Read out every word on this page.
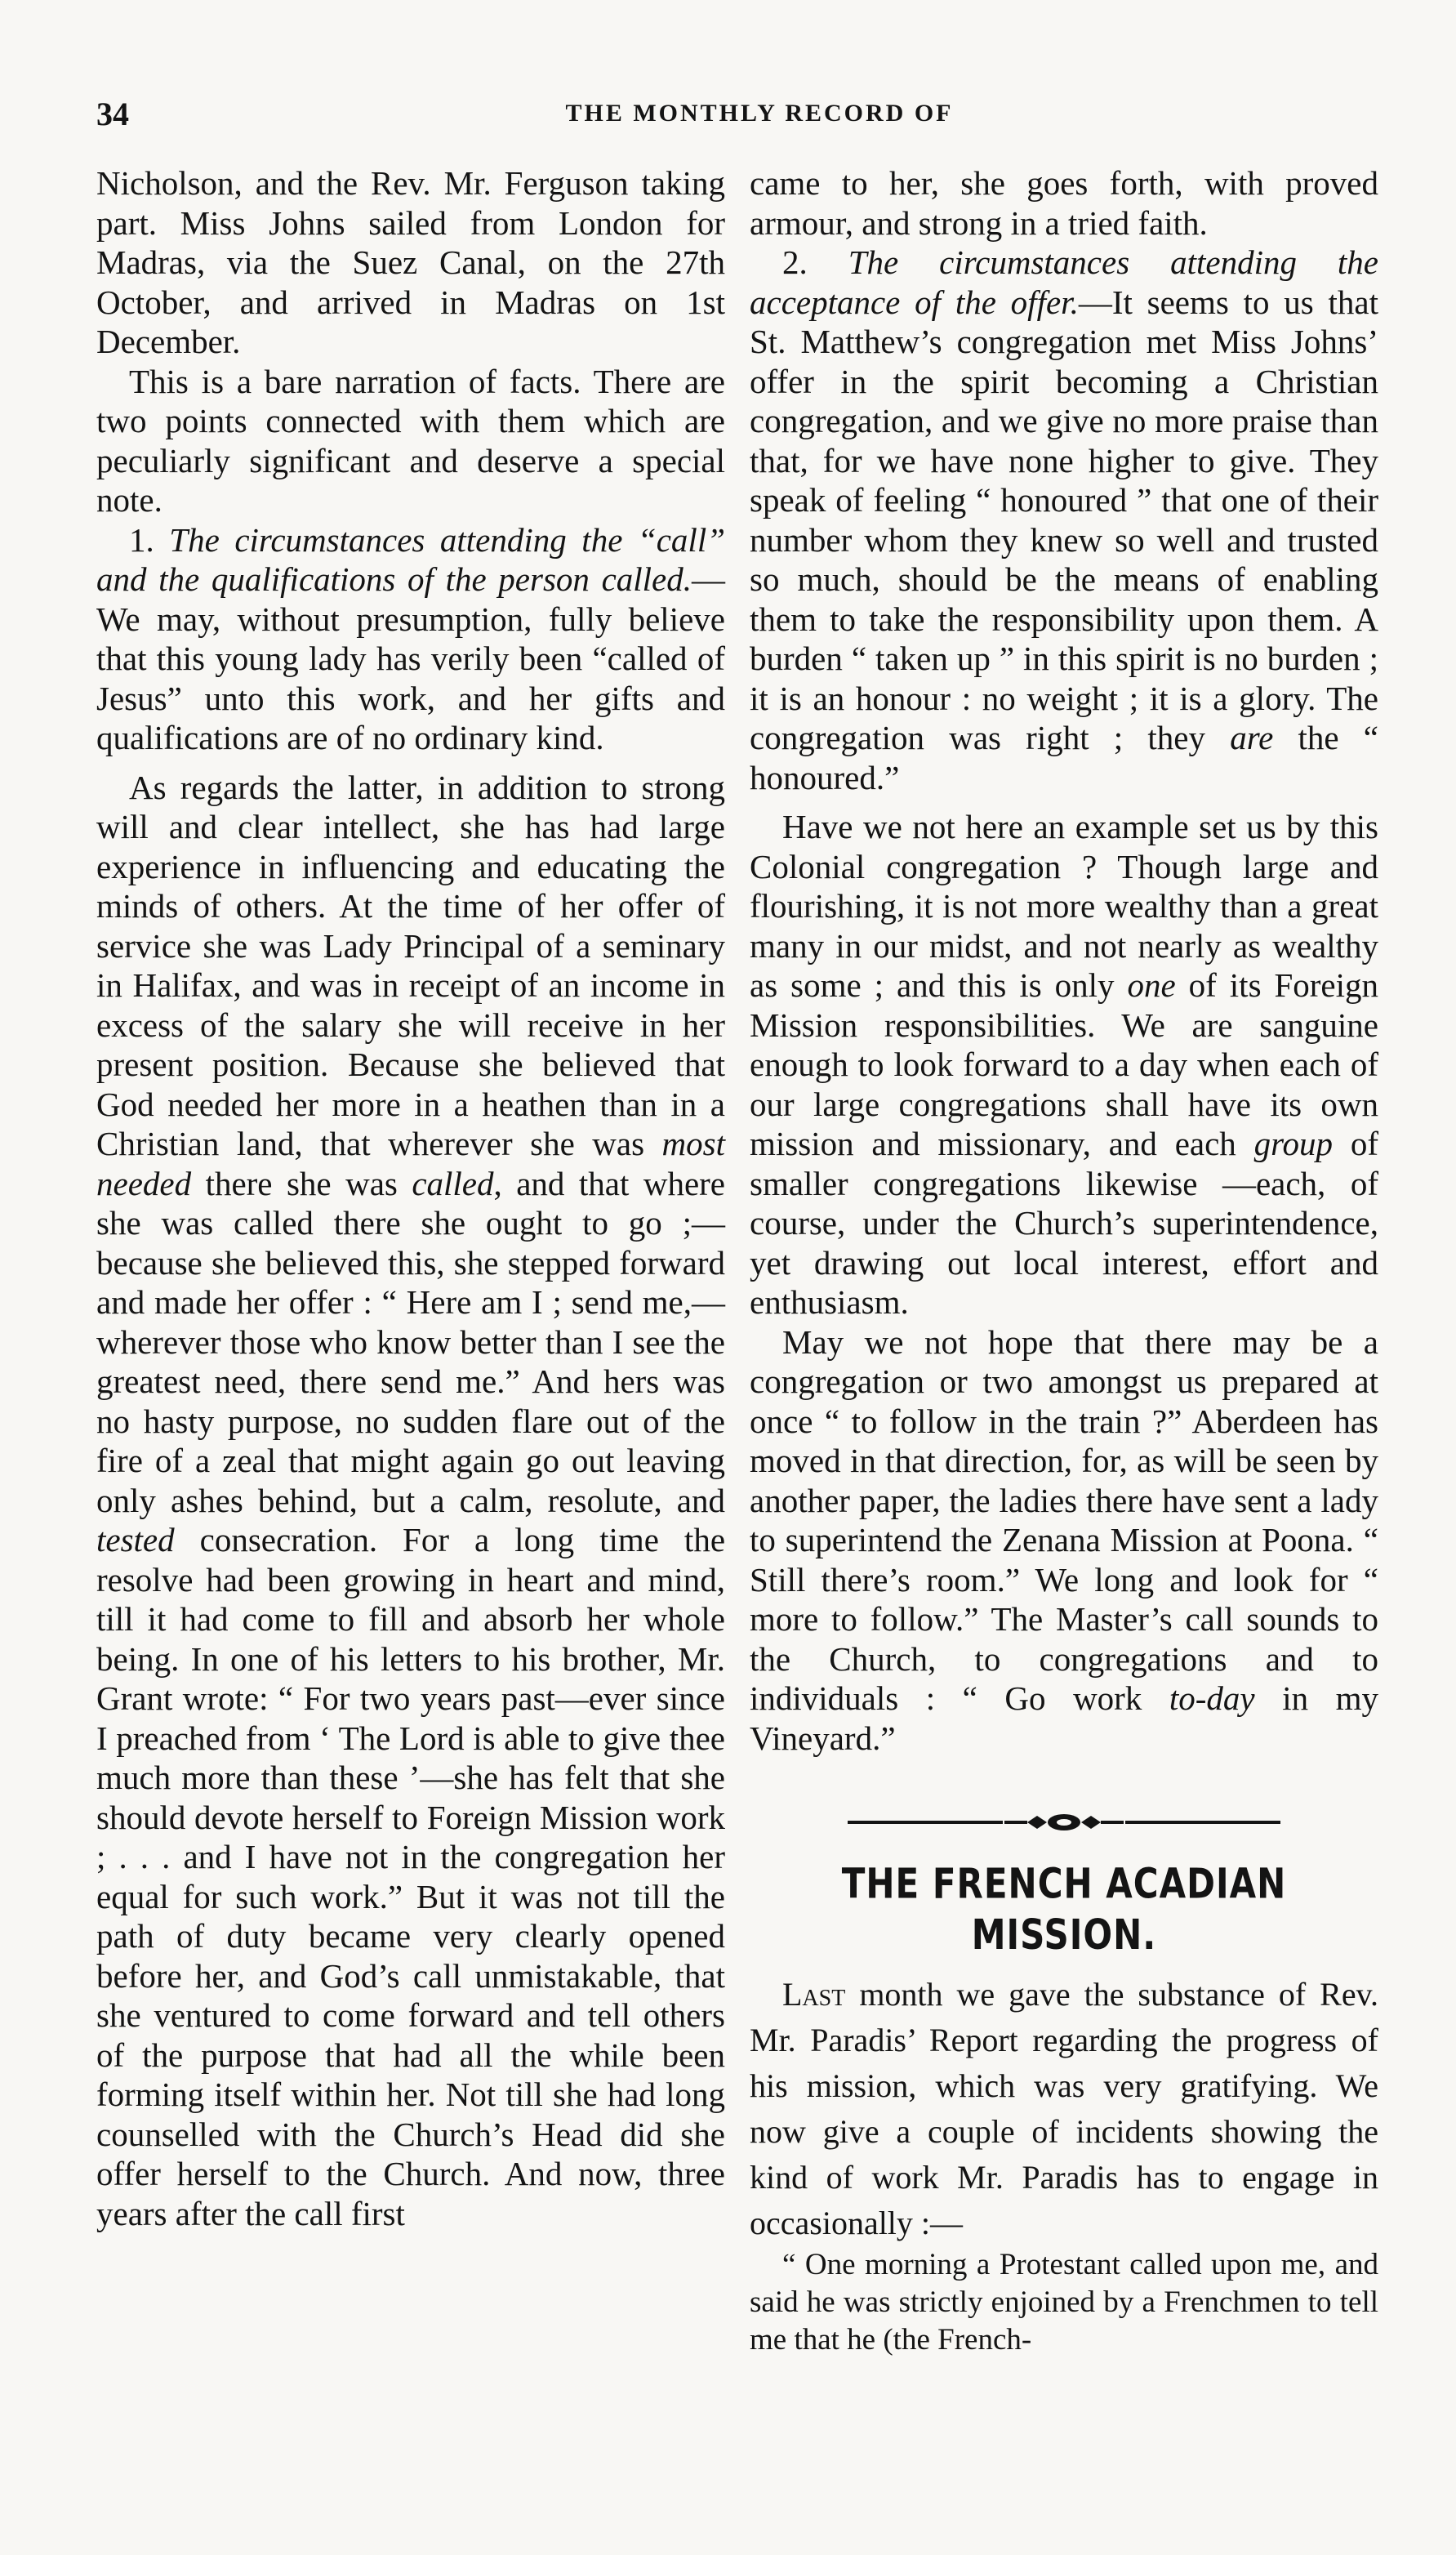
34	THE MONTHLY RECORD OF

Nicholson, and the Rev. Mr. Ferguson taking part. Miss Johns sailed from London for Madras, via the Suez Canal, on the 27th October, and arrived in Madras on 1st December.

This is a bare narration of facts. There are two points connected with them which are peculiarly significant and deserve a special note.

1. The circumstances attending the “call” and the qualifications of the person called.—We may, without presumption, fully believe that this young lady has verily been “called of Jesus” unto this work, and her gifts and qualifications are of no ordinary kind.

As regards the latter, in addition to strong will and clear intellect, she has had large experience in influencing and educating the minds of others. At the time of her offer of service she was Lady Principal of a seminary in Halifax, and was in receipt of an income in excess of the salary she will receive in her present position. Because she believed that God needed her more in a heathen than in a Christian land, that wherever she was most needed there she was called, and that where she was called there she ought to go ;—because she believed this, she stepped forward and made her offer : “ Here am I ; send me,—wherever those who know better than I see the greatest need, there send me.” And hers was no hasty purpose, no sudden flare out of the fire of a zeal that might again go out leaving only ashes behind, but a calm, resolute, and tested consecration. For a long time the resolve had been growing in heart and mind, till it had come to fill and absorb her whole being. In one of his letters to his brother, Mr. Grant wrote: “ For two years past—ever since I preached from ‘ The Lord is able to give thee much more than these ’—she has felt that she should devote herself to Foreign Mission work ; . . . and I have not in the congregation her equal for such work.” But it was not till the path of duty became very clearly opened before her, and God’s call unmistakable, that she ventured to come forward and tell others of the purpose that had all the while been forming itself within her. Not till she had long counselled with the Church’s Head did she offer herself to the Church. And now, three years after the call first

came to her, she goes forth, with proved armour, and strong in a tried faith.

2. The circumstances attending the acceptance of the offer.—It seems to us that St. Matthew’s congregation met Miss Johns’ offer in the spirit becoming a Christian congregation, and we give no more praise than that, for we have none higher to give. They speak of feeling “ honoured ” that one of their number whom they knew so well and trusted so much, should be the means of enabling them to take the responsibility upon them. A burden “ taken up ” in this spirit is no burden ; it is an honour : no weight ; it is a glory. The congregation was right ; they are the “ honoured.”

Have we not here an example set us by this Colonial congregation ? Though large and flourishing, it is not more wealthy than a great many in our midst, and not nearly as wealthy as some ; and this is only one of its Foreign Mission responsibilities. We are sanguine enough to look forward to a day when each of our large congregations shall have its own mission and missionary, and each group of smaller congregations likewise —each, of course, under the Church’s superintendence, yet drawing out local interest, effort and enthusiasm.

May we not hope that there may be a congregation or two amongst us prepared at once “ to follow in the train ?” Aberdeen has moved in that direction, for, as will be seen by another paper, the ladies there have sent a lady to superintend the Zenana Mission at Poona. “ Still there’s room.” We long and look for “ more to follow.” The Master’s call sounds to the Church, to congregations and to individuals : “ Go work to-day in my Vineyard.”

THE FRENCH ACADIAN MISSION.

Last month we gave the substance of Rev. Mr. Paradis’ Report regarding the progress of his mission, which was very gratifying. We now give a couple of incidents showing the kind of work Mr. Paradis has to engage in occasionally :—

“ One morning a Protestant called upon me, and said he was strictly enjoined by a Frenchmen to tell me that he (the French-
